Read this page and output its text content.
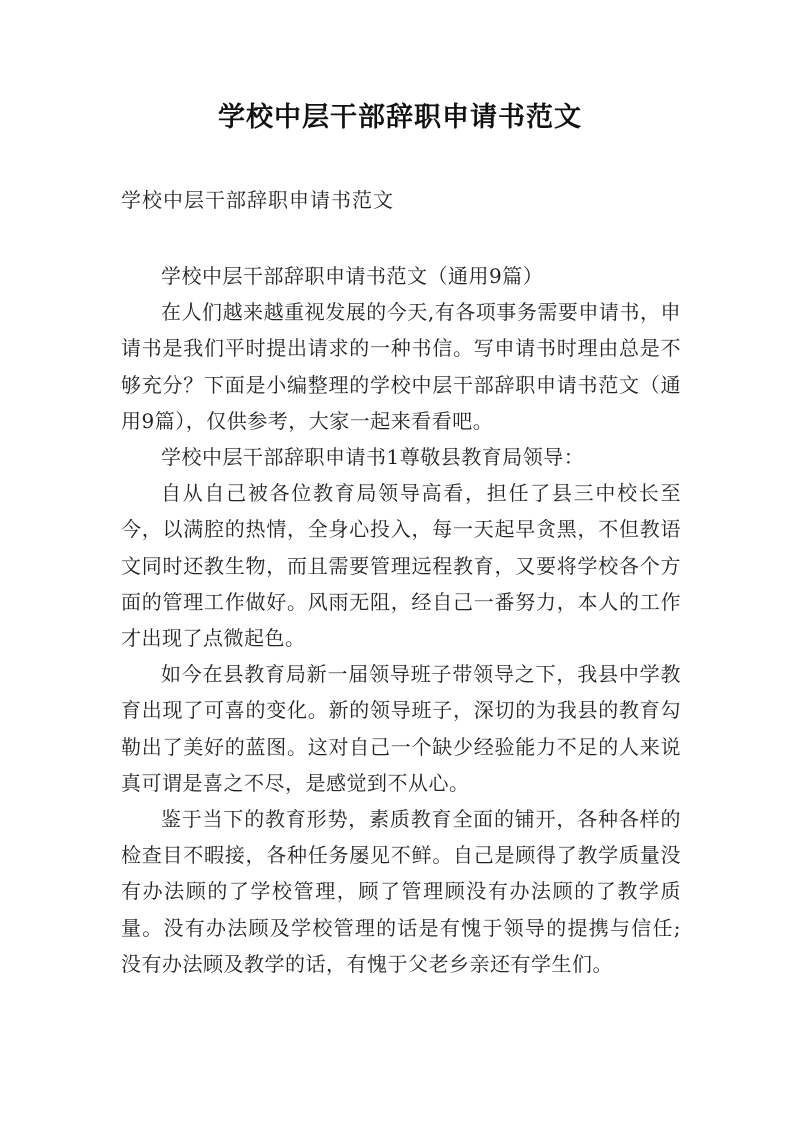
学校中层干部辞职申请书范文
学校中层干部辞职申请书范文

学校中层干部辞职申请书范文（通用9篇）

在人们越来越重视发展的今天,有各项事务需要申请书，申请书是我们平时提出请求的一种书信。写申请书时理由总是不够充分？下面是小编整理的学校中层干部辞职申请书范文（通用9篇），仅供参考，大家一起来看看吧。

学校中层干部辞职申请书1尊敬县教育局领导：

自从自己被各位教育局领导高看，担任了县三中校长至今，以满腔的热情，全身心投入，每一天起早贪黑，不但教语文同时还教生物，而且需要管理远程教育，又要将学校各个方面的管理工作做好。风雨无阻，经自己一番努力，本人的工作才出现了点微起色。

如今在县教育局新一届领导班子带领导之下，我县中学教育出现了可喜的变化。新的领导班子，深切的为我县的教育勾勒出了美好的蓝图。这对自己一个缺少经验能力不足的人来说真可谓是喜之不尽，是感觉到不从心。

鉴于当下的教育形势，素质教育全面的铺开，各种各样的检查目不暇接，各种任务屡见不鲜。自己是顾得了教学质量没有办法顾的了学校管理，顾了管理顾没有办法顾的了教学质量。没有办法顾及学校管理的话是有愧于领导的提携与信任;没有办法顾及教学的话，有愧于父老乡亲还有学生们。
